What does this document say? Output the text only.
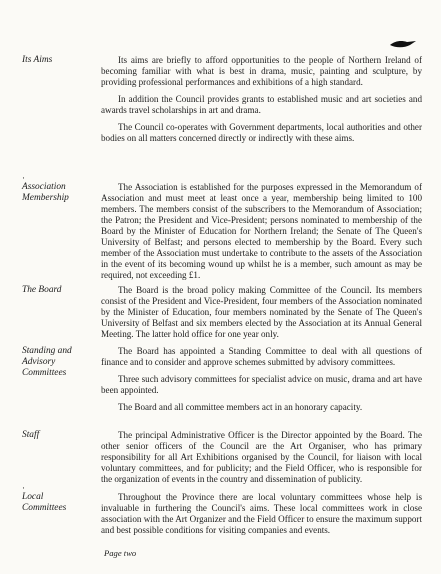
Its Aims	Its aims are briefly to afford opportunities to the people of Northern Ireland of becoming familiar with what is best in drama, music, painting and sculpture, by providing professional performances and exhibitions of a high standard.

In addition the Council provides grants to established music and art societies and awards travel scholarships in art and drama.

The Council co-operates with Government departments, local authorities and other bodies on all matters concerned directly or indirectly with these aims.

·
Association
Membership

The Association is established for the purposes expressed in the Memorandum of Association and must meet at least once a year, membership being limited to 100 members. The members consist of the subscribers to the Memorandum of Association; the Patron; the President and Vice-President; persons nominated to membership of the Board by the Minister of Education for Northern Ireland; the Senate of The Queen's University of Belfast; and persons elected to membership by the Board. Every such member of the Association must undertake to contribute to the assets of the Association in the event of its becoming wound up whilst he is a member, such amount as may be required, not exceeding £1.

The Board	The Board is the broad policy making Committee of the Council. Its members consist of the President and Vice-President, four members of the Association nominated by the Minister of Education, four members nominated by the Senate of The Queen's University of Belfast and six members elected by the Association at its Annual General Meeting. The latter hold office for one year only.

Standing and
Advisory
Committees

The Board has appointed a Standing Committee to deal with all questions of finance and to consider and approve schemes submitted by advisory committees.

Three such advisory committees for specialist advice on music, drama and art have been appointed.

The Board and all committee members act in an honorary capacity.

Staff	The principal Administrative Officer is the Director appointed by the Board. The other senior officers of the Council are the Art Organiser, who has primary responsibility for all Art Exhibitions organised by the Council, for liaison with local voluntary committees, and for publicity; and the Field Officer, who is responsible for the organization of events in the country and dissemination of publicity.

·
Local
Committees

Throughout the Province there are local voluntary committees whose help is invaluable in furthering the Council's aims. These local committees work in close association with the Art Organizer and the Field Officer to ensure the maximum support and best possible conditions for visiting companies and events.

Page two
